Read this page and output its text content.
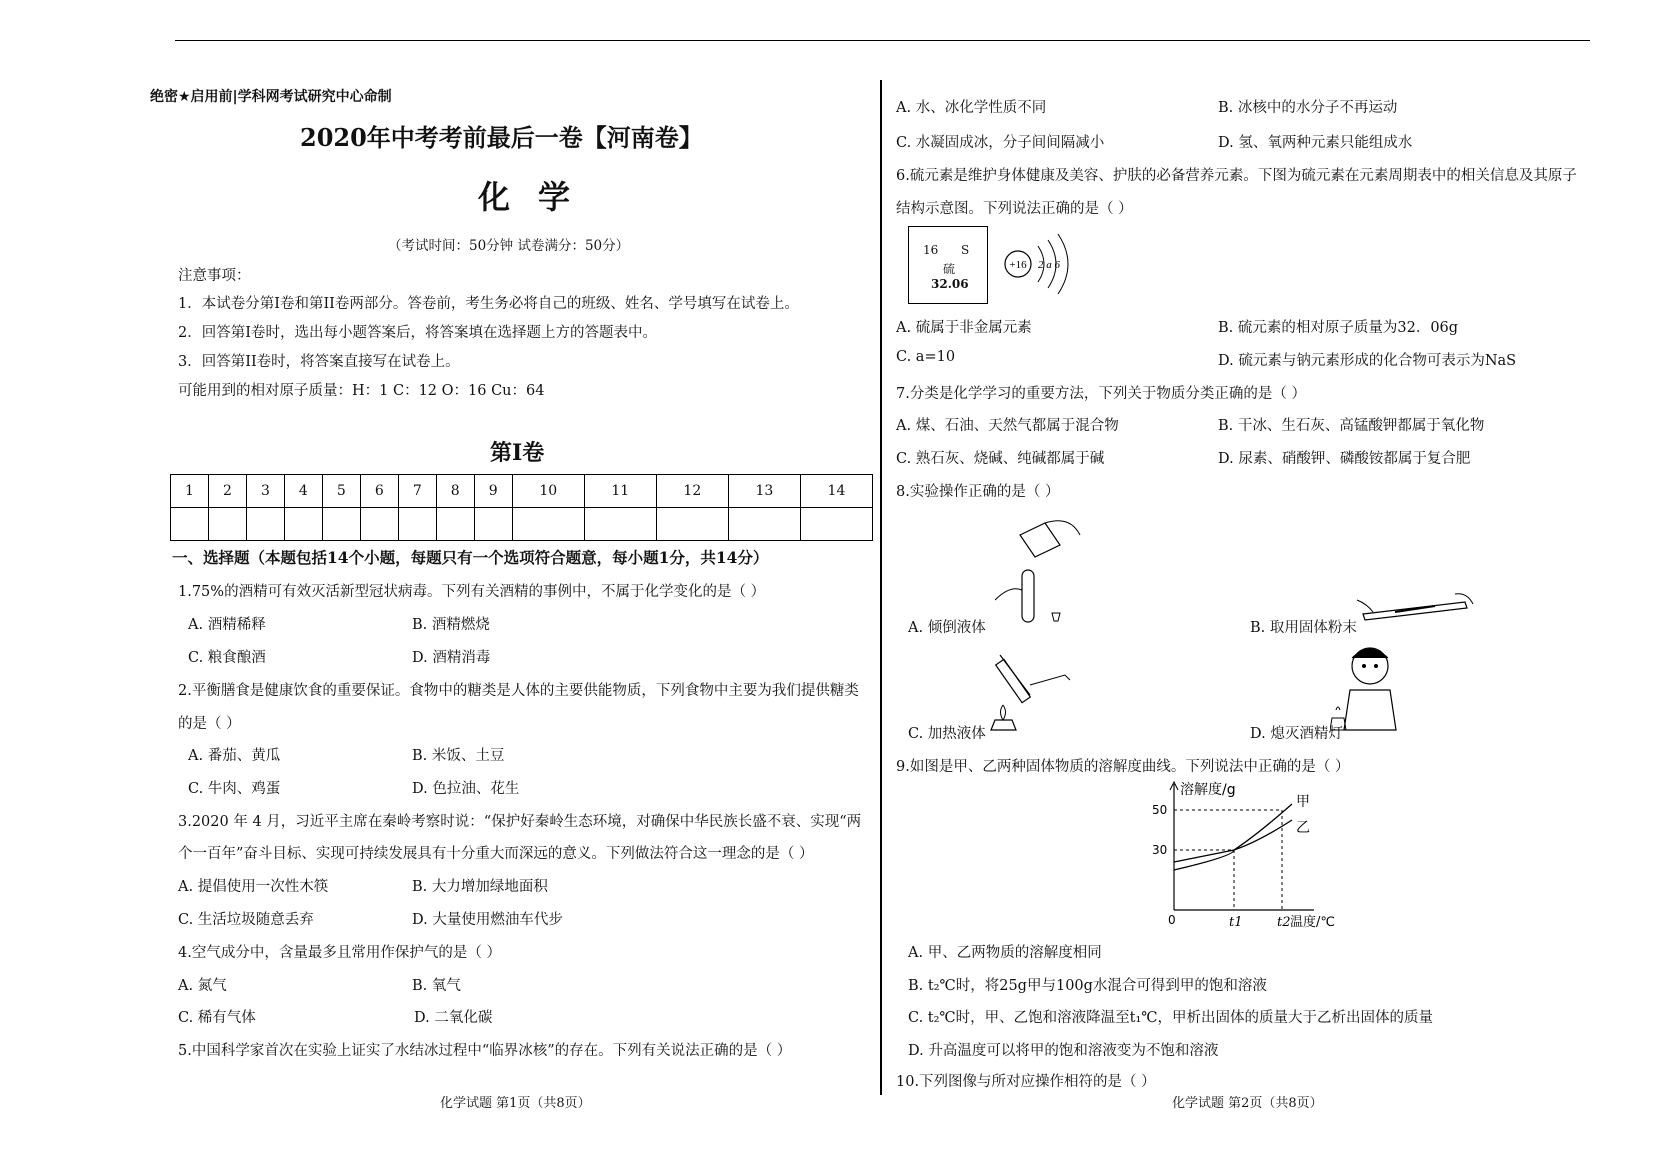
绝密★启用前|学科网考试研究中心命制
2020年中考考前最后一卷【河南卷】
化学
（考试时间：50分钟 试卷满分：50分）
注意事项：
1．本试卷分第I卷和第II卷两部分。答卷前，考生务必将自己的班级、姓名、学号填写在试卷上。
2．回答第I卷时，选出每小题答案后，将答案填在选择题上方的答题表中。
3．回答第II卷时，将答案直接写在试卷上。
可能用到的相对原子质量：H：1 C：12 O：16 Cu：64
第I卷
1	2	3	4	5	6	7	8	9	10	11	12	13	14

一、选择题（本题包括14个小题，每题只有一个选项符合题意，每小题1分，共14分）
1.75%的酒精可有效灭活新型冠状病毒。下列有关酒精的事例中，不属于化学变化的是（ ）
A. 酒精稀释	B. 酒精燃烧
C. 粮食酿酒	D. 酒精消毒
2.平衡膳食是健康饮食的重要保证。食物中的糖类是人体的主要供能物质，下列食物中主要为我们提供糖类
的是（ ）
A. 番茄、黄瓜	B. 米饭、土豆
C. 牛肉、鸡蛋	D. 色拉油、花生
3.2020 年 4 月，习近平主席在秦岭考察时说：“保护好秦岭生态环境，对确保中华民族长盛不衰、实现“两
个一百年”奋斗目标、实现可持续发展具有十分重大而深远的意义。下列做法符合这一理念的是（ ）
A. 提倡使用一次性木筷	B. 大力增加绿地面积
C. 生活垃圾随意丢弃	D. 大量使用燃油车代步
4.空气成分中，含量最多且常用作保护气的是（ ）
A. 氮气	B. 氧气
C. 稀有气体	D. 二氧化碳
5.中国科学家首次在实验上证实了水结冰过程中“临界冰核”的存在。下列有关说法正确的是（ ）
化学试题 第1页（共8页）
A. 水、冰化学性质不同	B. 冰核中的水分子不再运动
C. 水凝固成冰，分子间间隔减小	D. 氢、氧两种元素只能组成水
6.硫元素是维护身体健康及美容、护肤的必备营养元素。下图为硫元素在元素周期表中的相关信息及其原子
结构示意图。下列说法正确的是（ ）
16 S
硫
32.06
+16 2 a 6
A. 硫属于非金属元素	B. 硫元素的相对原子质量为32．06g
C. a=10	D. 硫元素与钠元素形成的化合物可表示为NaS
7.分类是化学学习的重要方法，下列关于物质分类正确的是（ ）
A. 煤、石油、天然气都属于混合物	B. 干冰、生石灰、高锰酸钾都属于氧化物
C. 熟石灰、烧碱、纯碱都属于碱	D. 尿素、硝酸钾、磷酸铵都属于复合肥
8.实验操作正确的是（ ）
A. 倾倒液体	B. 取用固体粉末
C. 加热液体	D. 熄灭酒精灯
9.如图是甲、乙两种固体物质的溶解度曲线。下列说法中正确的是（ ）
溶解度/g
温度/℃
0
30
50
t1	t2
甲
乙
A. 甲、乙两物质的溶解度相同
B. t₂℃时，将25g甲与100g水混合可得到甲的饱和溶液
C. t₂℃时，甲、乙饱和溶液降温至t₁℃，甲析出固体的质量大于乙析出固体的质量
D. 升高温度可以将甲的饱和溶液变为不饱和溶液
10.下列图像与所对应操作相符的是（ ）
化学试题 第2页（共8页）
